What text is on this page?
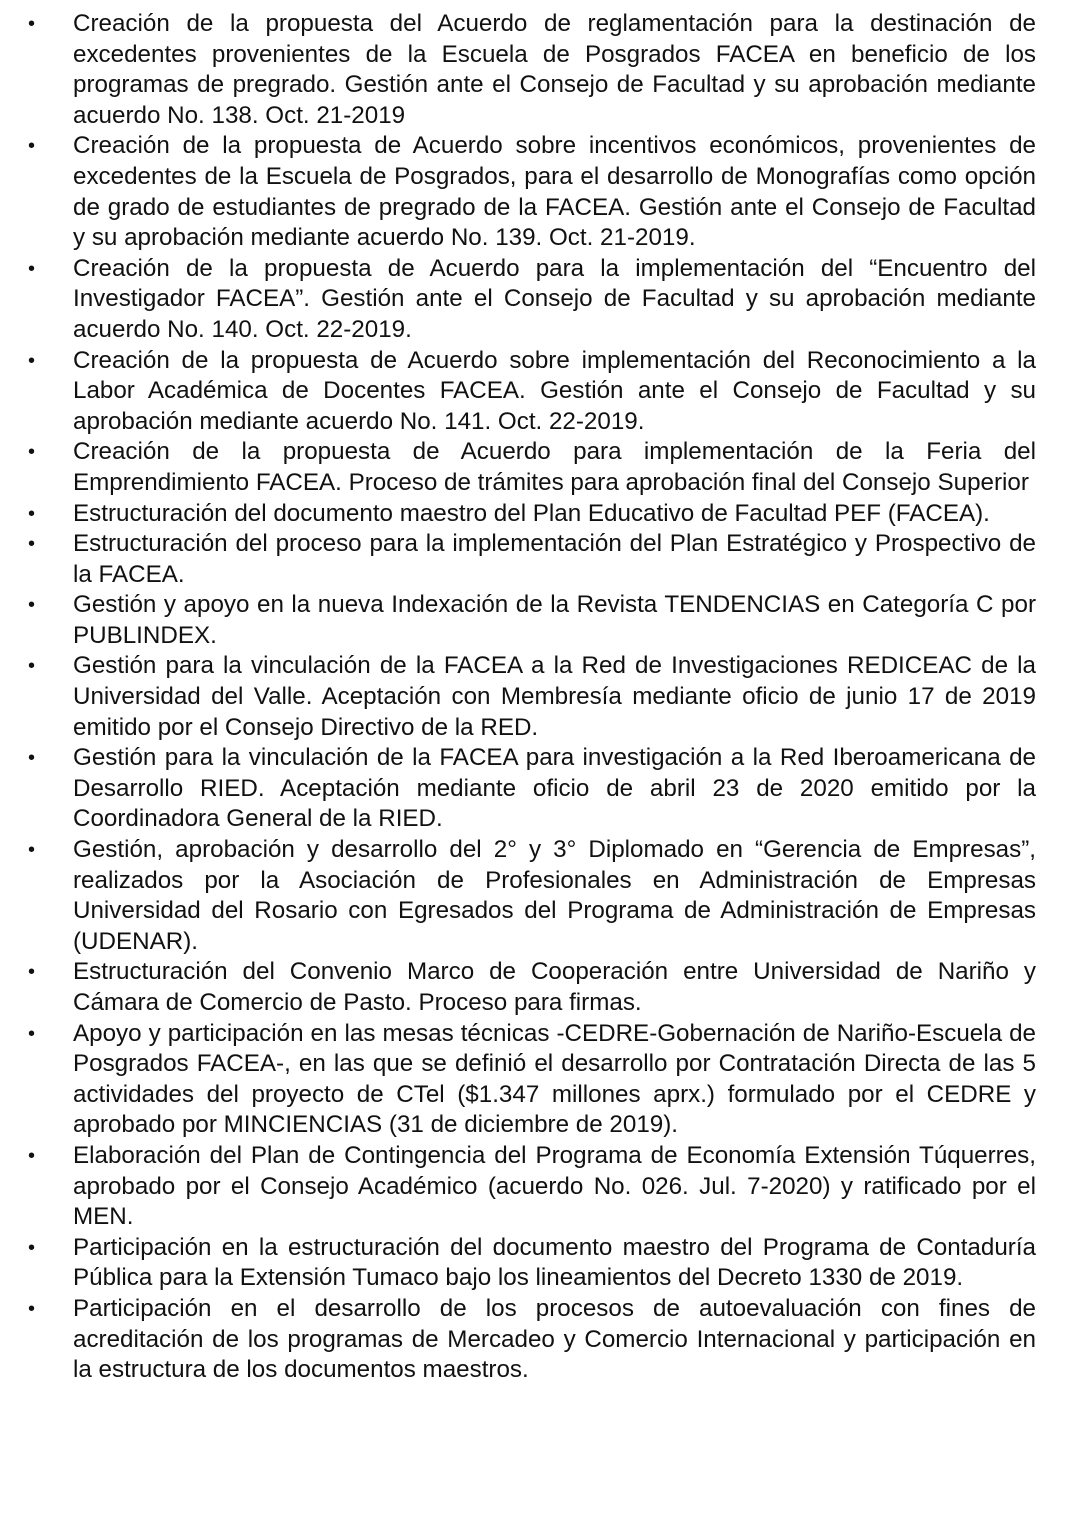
•	Creación de la propuesta del Acuerdo de reglamentación para la destinación de excedentes provenientes de la Escuela de Posgrados FACEA en beneficio de los programas de pregrado. Gestión ante el Consejo de Facultad y su aprobación mediante acuerdo No. 138. Oct. 21-2019
•	Creación de la propuesta de Acuerdo sobre incentivos económicos, provenientes de excedentes de la Escuela de Posgrados, para el desarrollo de Monografías como opción de grado de estudiantes de pregrado de la FACEA. Gestión ante el Consejo de Facultad y su aprobación mediante acuerdo No. 139. Oct. 21-2019.
•	Creación de la propuesta de Acuerdo para la implementación del “Encuentro del Investigador FACEA”. Gestión ante el Consejo de Facultad y su aprobación mediante acuerdo No. 140. Oct. 22-2019.
•	Creación de la propuesta de Acuerdo sobre implementación del Reconocimiento a la Labor Académica de Docentes FACEA. Gestión ante el Consejo de Facultad y su aprobación mediante acuerdo No. 141. Oct. 22-2019.
•	Creación de la propuesta de Acuerdo para implementación de la Feria del Emprendimiento FACEA. Proceso de trámites para aprobación final del Consejo Superior
•	Estructuración del documento maestro del Plan Educativo de Facultad PEF (FACEA).
•	Estructuración del proceso para la implementación del Plan Estratégico y Prospectivo de la FACEA.
•	Gestión y apoyo en la nueva Indexación de la Revista TENDENCIAS en Categoría C por PUBLINDEX.
•	Gestión para la vinculación de la FACEA a la Red de Investigaciones REDICEAC de la Universidad del Valle. Aceptación con Membresía mediante oficio de junio 17 de 2019 emitido por el Consejo Directivo de la RED.
•	Gestión para la vinculación de la FACEA para investigación a la Red Iberoamericana de Desarrollo RIED. Aceptación mediante oficio de abril 23 de 2020 emitido por la Coordinadora General de la RIED.
•	Gestión, aprobación y desarrollo del 2° y 3° Diplomado en “Gerencia de Empresas”, realizados por la Asociación de Profesionales en Administración de Empresas Universidad del Rosario con Egresados del Programa de Administración de Empresas (UDENAR).
•	Estructuración del Convenio Marco de Cooperación entre Universidad de Nariño y Cámara de Comercio de Pasto. Proceso para firmas.
•	Apoyo y participación en las mesas técnicas -CEDRE-Gobernación de Nariño-Escuela de Posgrados FACEA-, en las que se definió el desarrollo por Contratación Directa de las 5 actividades del proyecto de CTel ($1.347 millones aprx.) formulado por el CEDRE y aprobado por MINCIENCIAS (31 de diciembre de 2019).
•	Elaboración del Plan de Contingencia del Programa de Economía Extensión Túquerres, aprobado por el Consejo Académico (acuerdo No. 026. Jul. 7-2020) y ratificado por el MEN.
•	Participación en la estructuración del documento maestro del Programa de Contaduría Pública para la Extensión Tumaco bajo los lineamientos del Decreto 1330 de 2019.
•	Participación en el desarrollo de los procesos de autoevaluación con fines de acreditación de los programas de Mercadeo y Comercio Internacional y participación en la estructura de los documentos maestros.
